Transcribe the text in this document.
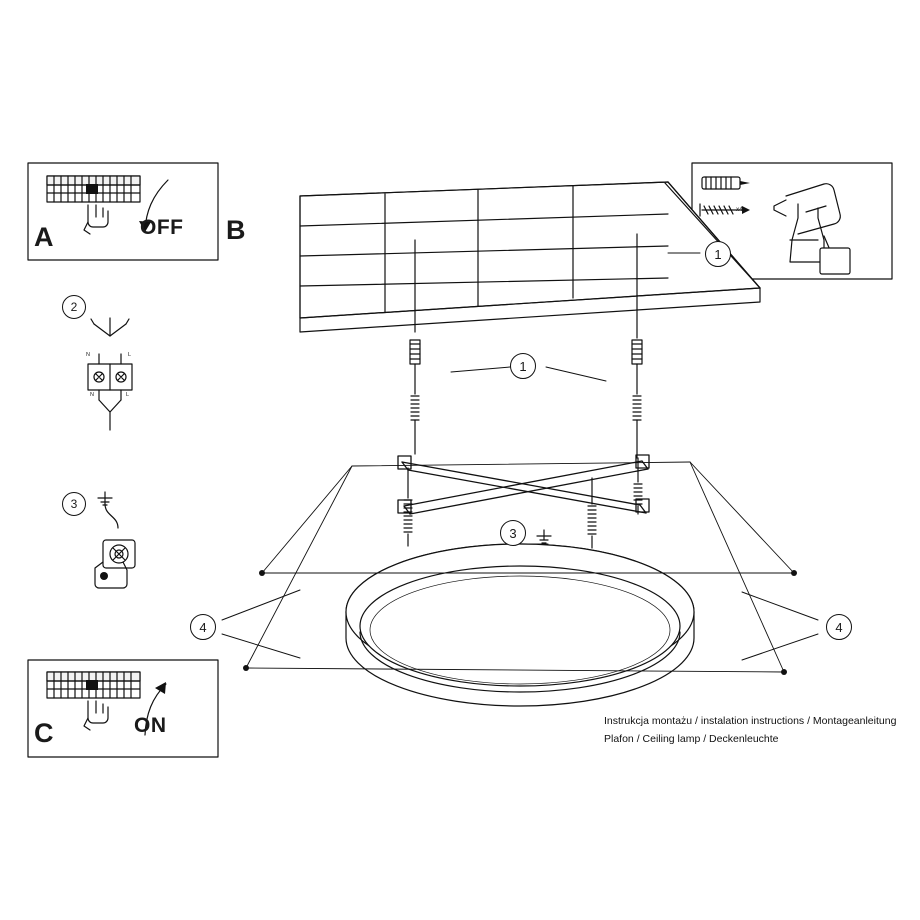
A	OFF B
C	ON
2
3
1
x4
N	L
N	L
1
3
4	4
Instrukcja montażu / instalation instructions / Montageanleitung
Plafon / Ceiling lamp / Deckenleuchte
